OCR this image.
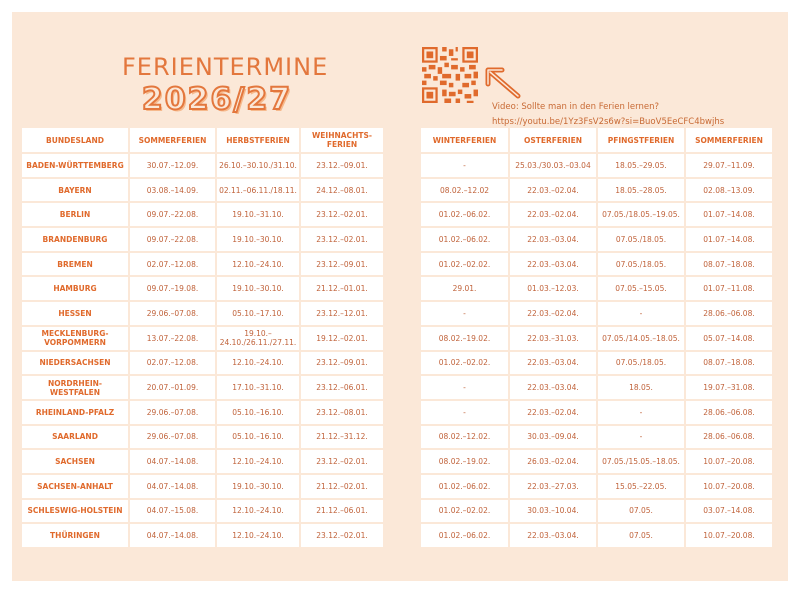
FERIENTERMINE
2026/27	Video: Sollte man in den Ferien lernen?
https://youtu.be/1Yz3FsV2s6w?si=BuoV5EeCFC4bwjhs
BUNDESLAND	SOMMERFERIEN	HERBSTFERIEN	WEIHNACHTS-
FERIEN
BADEN-WÜRTTEMBERG	30.07.–12.09.	26.10.–30.10./31.10.	23.12.–09.01.
BAYERN	03.08.–14.09.	02.11.–06.11./18.11.	24.12.–08.01.
BERLIN	09.07.–22.08.	19.10.–31.10.	23.12.–02.01.
BRANDENBURG	09.07.–22.08.	19.10.–30.10.	23.12.–02.01.
BREMEN	02.07.–12.08.	12.10.–24.10.	23.12.–09.01.
HAMBURG	09.07.–19.08.	19.10.–30.10.	21.12.–01.01.
HESSEN	29.06.–07.08.	05.10.–17.10.	23.12.–12.01.
MECKLENBURG-
VORPOMMERN	13.07.–22.08.	19.10.–
24.10./26.11./27.11.	19.12.–02.01.
NIEDERSACHSEN	02.07.–12.08.	12.10.–24.10.	23.12.–09.01.
NORDRHEIN-
WESTFALEN	20.07.–01.09.	17.10.–31.10.	23.12.–06.01.
RHEINLAND-PFALZ	29.06.–07.08.	05.10.–16.10.	23.12.–08.01.
SAARLAND	29.06.–07.08.	05.10.–16.10.	21.12.–31.12.
SACHSEN	04.07.–14.08.	12.10.–24.10.	23.12.–02.01.
SACHSEN-ANHALT	04.07.–14.08.	19.10.–30.10.	21.12.–02.01.
SCHLESWIG-HOLSTEIN	04.07.–15.08.	12.10.–24.10.	21.12.–06.01.
THÜRINGEN	04.07.–14.08.	12.10.–24.10.	23.12.–02.01.
WINTERFERIEN	OSTERFERIEN	PFINGSTFERIEN	SOMMERFERIEN
-	25.03./30.03.–03.04	18.05.–29.05.	29.07.–11.09.
08.02.–12.02	22.03.–02.04.	18.05.–28.05.	02.08.–13.09.
01.02.–06.02.	22.03.–02.04.	07.05./18.05.–19.05.	01.07.–14.08.
01.02.–06.02.	22.03.–03.04.	07.05./18.05.	01.07.–14.08.
01.02.–02.02.	22.03.–03.04.	07.05./18.05.	08.07.–18.08.
29.01.	01.03.–12.03.	07.05.–15.05.	01.07.–11.08.
-	22.03.–02.04.	-	28.06.–06.08.
08.02.–19.02.	22.03.–31.03.	07.05./14.05.–18.05.	05.07.–14.08.
01.02.–02.02.	22.03.–03.04.	07.05./18.05.	08.07.–18.08.
-	22.03.–03.04.	18.05.	19.07.–31.08.
-	22.03.–02.04.	-	28.06.–06.08.
08.02.–12.02.	30.03.–09.04.	-	28.06.–06.08.
08.02.–19.02.	26.03.–02.04.	07.05./15.05.–18.05.	10.07.–20.08.
01.02.–06.02.	22.03.–27.03.	15.05.–22.05.	10.07.–20.08.
01.02.–02.02.	30.03.–10.04.	07.05.	03.07.–14.08.
01.02.–06.02.	22.03.–03.04.	07.05.	10.07.–20.08.
